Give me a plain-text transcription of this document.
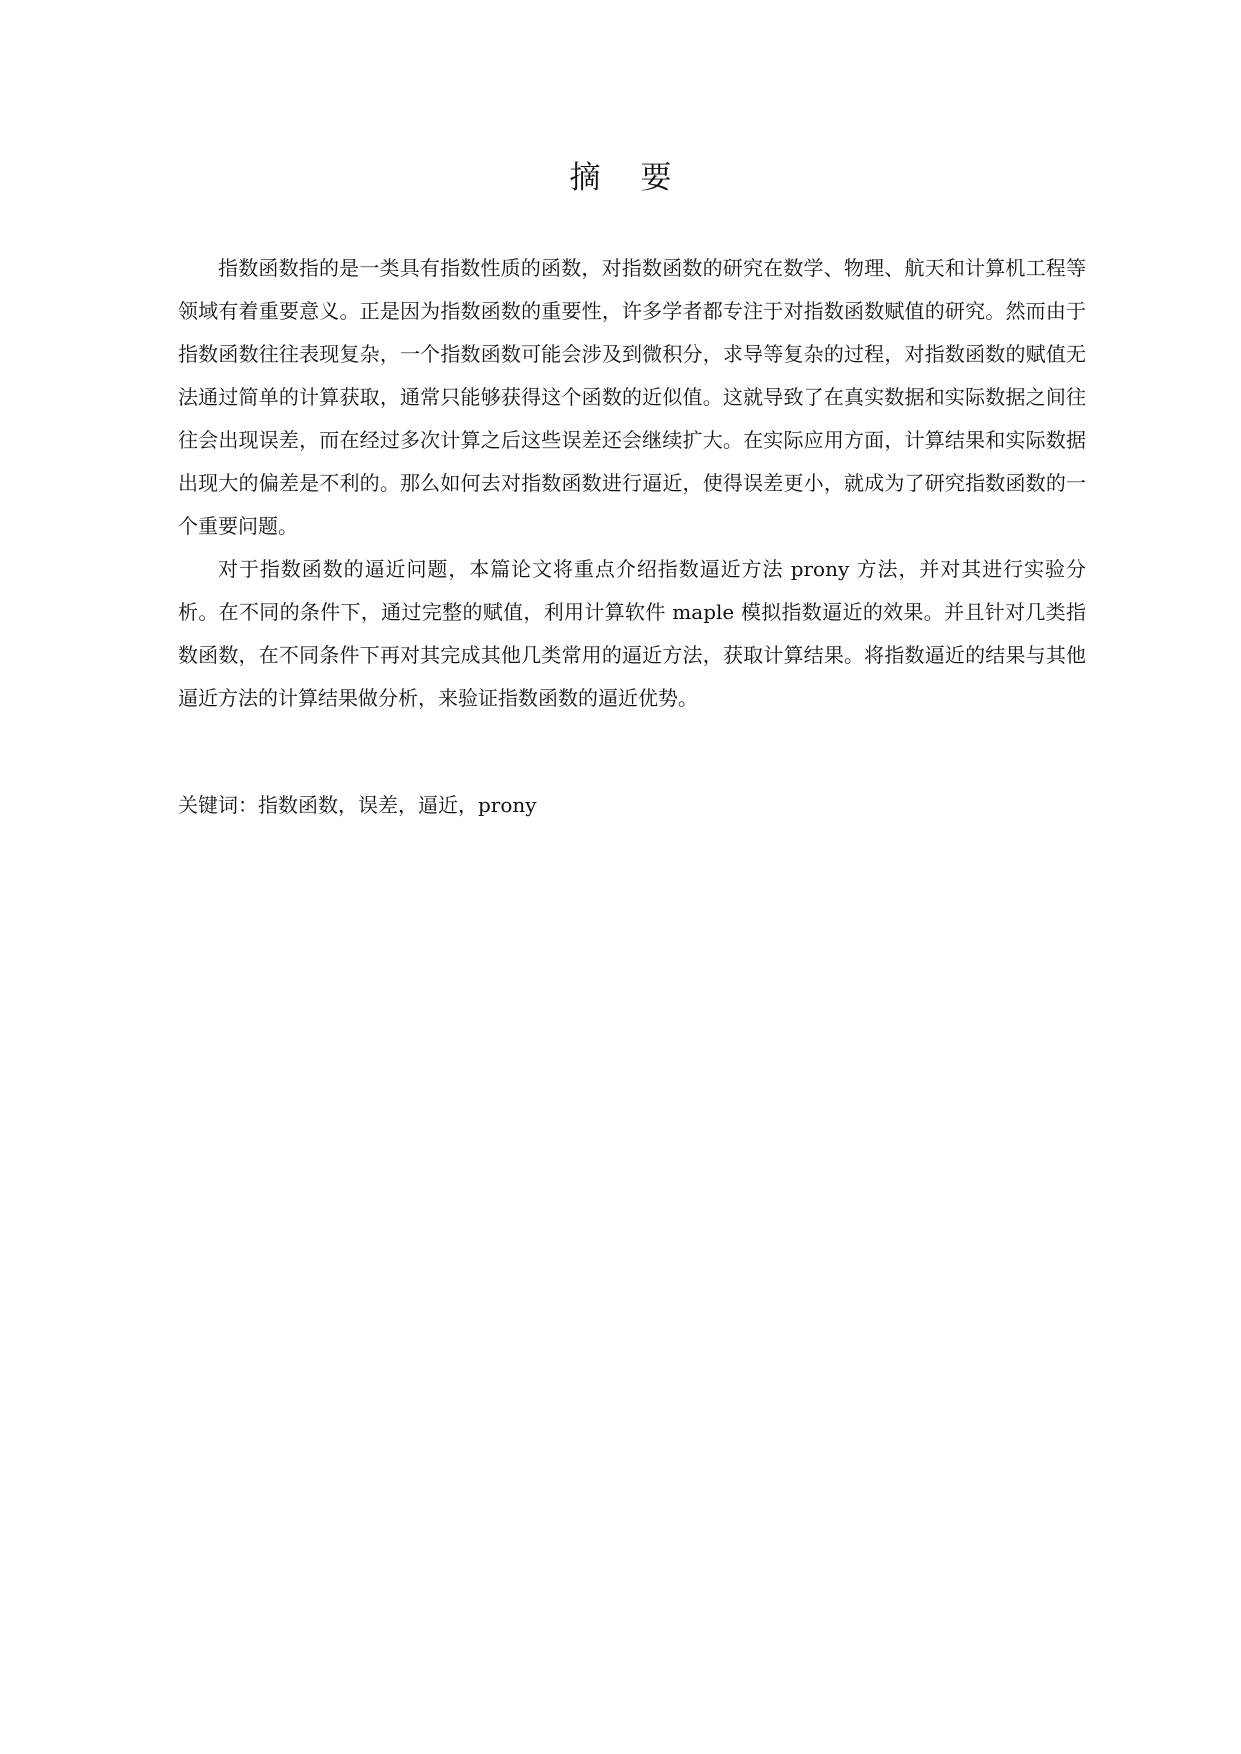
摘 要

指数函数指的是一类具有指数性质的函数，对指数函数的研究在数学、物理、航天和计算机工程等领域有着重要意义。正是因为指数函数的重要性，许多学者都专注于对指数函数赋值的研究。然而由于指数函数往往表现复杂，一个指数函数可能会涉及到微积分，求导等复杂的过程，对指数函数的赋值无法通过简单的计算获取，通常只能够获得这个函数的近似值。这就导致了在真实数据和实际数据之间往往会出现误差，而在经过多次计算之后这些误差还会继续扩大。在实际应用方面，计算结果和实际数据出现大的偏差是不利的。那么如何去对指数函数进行逼近，使得误差更小，就成为了研究指数函数的一个重要问题。

对于指数函数的逼近问题，本篇论文将重点介绍指数逼近方法 prony 方法，并对其进行实验分析。在不同的条件下，通过完整的赋值，利用计算软件 maple 模拟指数逼近的效果。并且针对几类指数函数，在不同条件下再对其完成其他几类常用的逼近方法，获取计算结果。将指数逼近的结果与其他逼近方法的计算结果做分析，来验证指数函数的逼近优势。

关键词：指数函数，误差，逼近，prony
